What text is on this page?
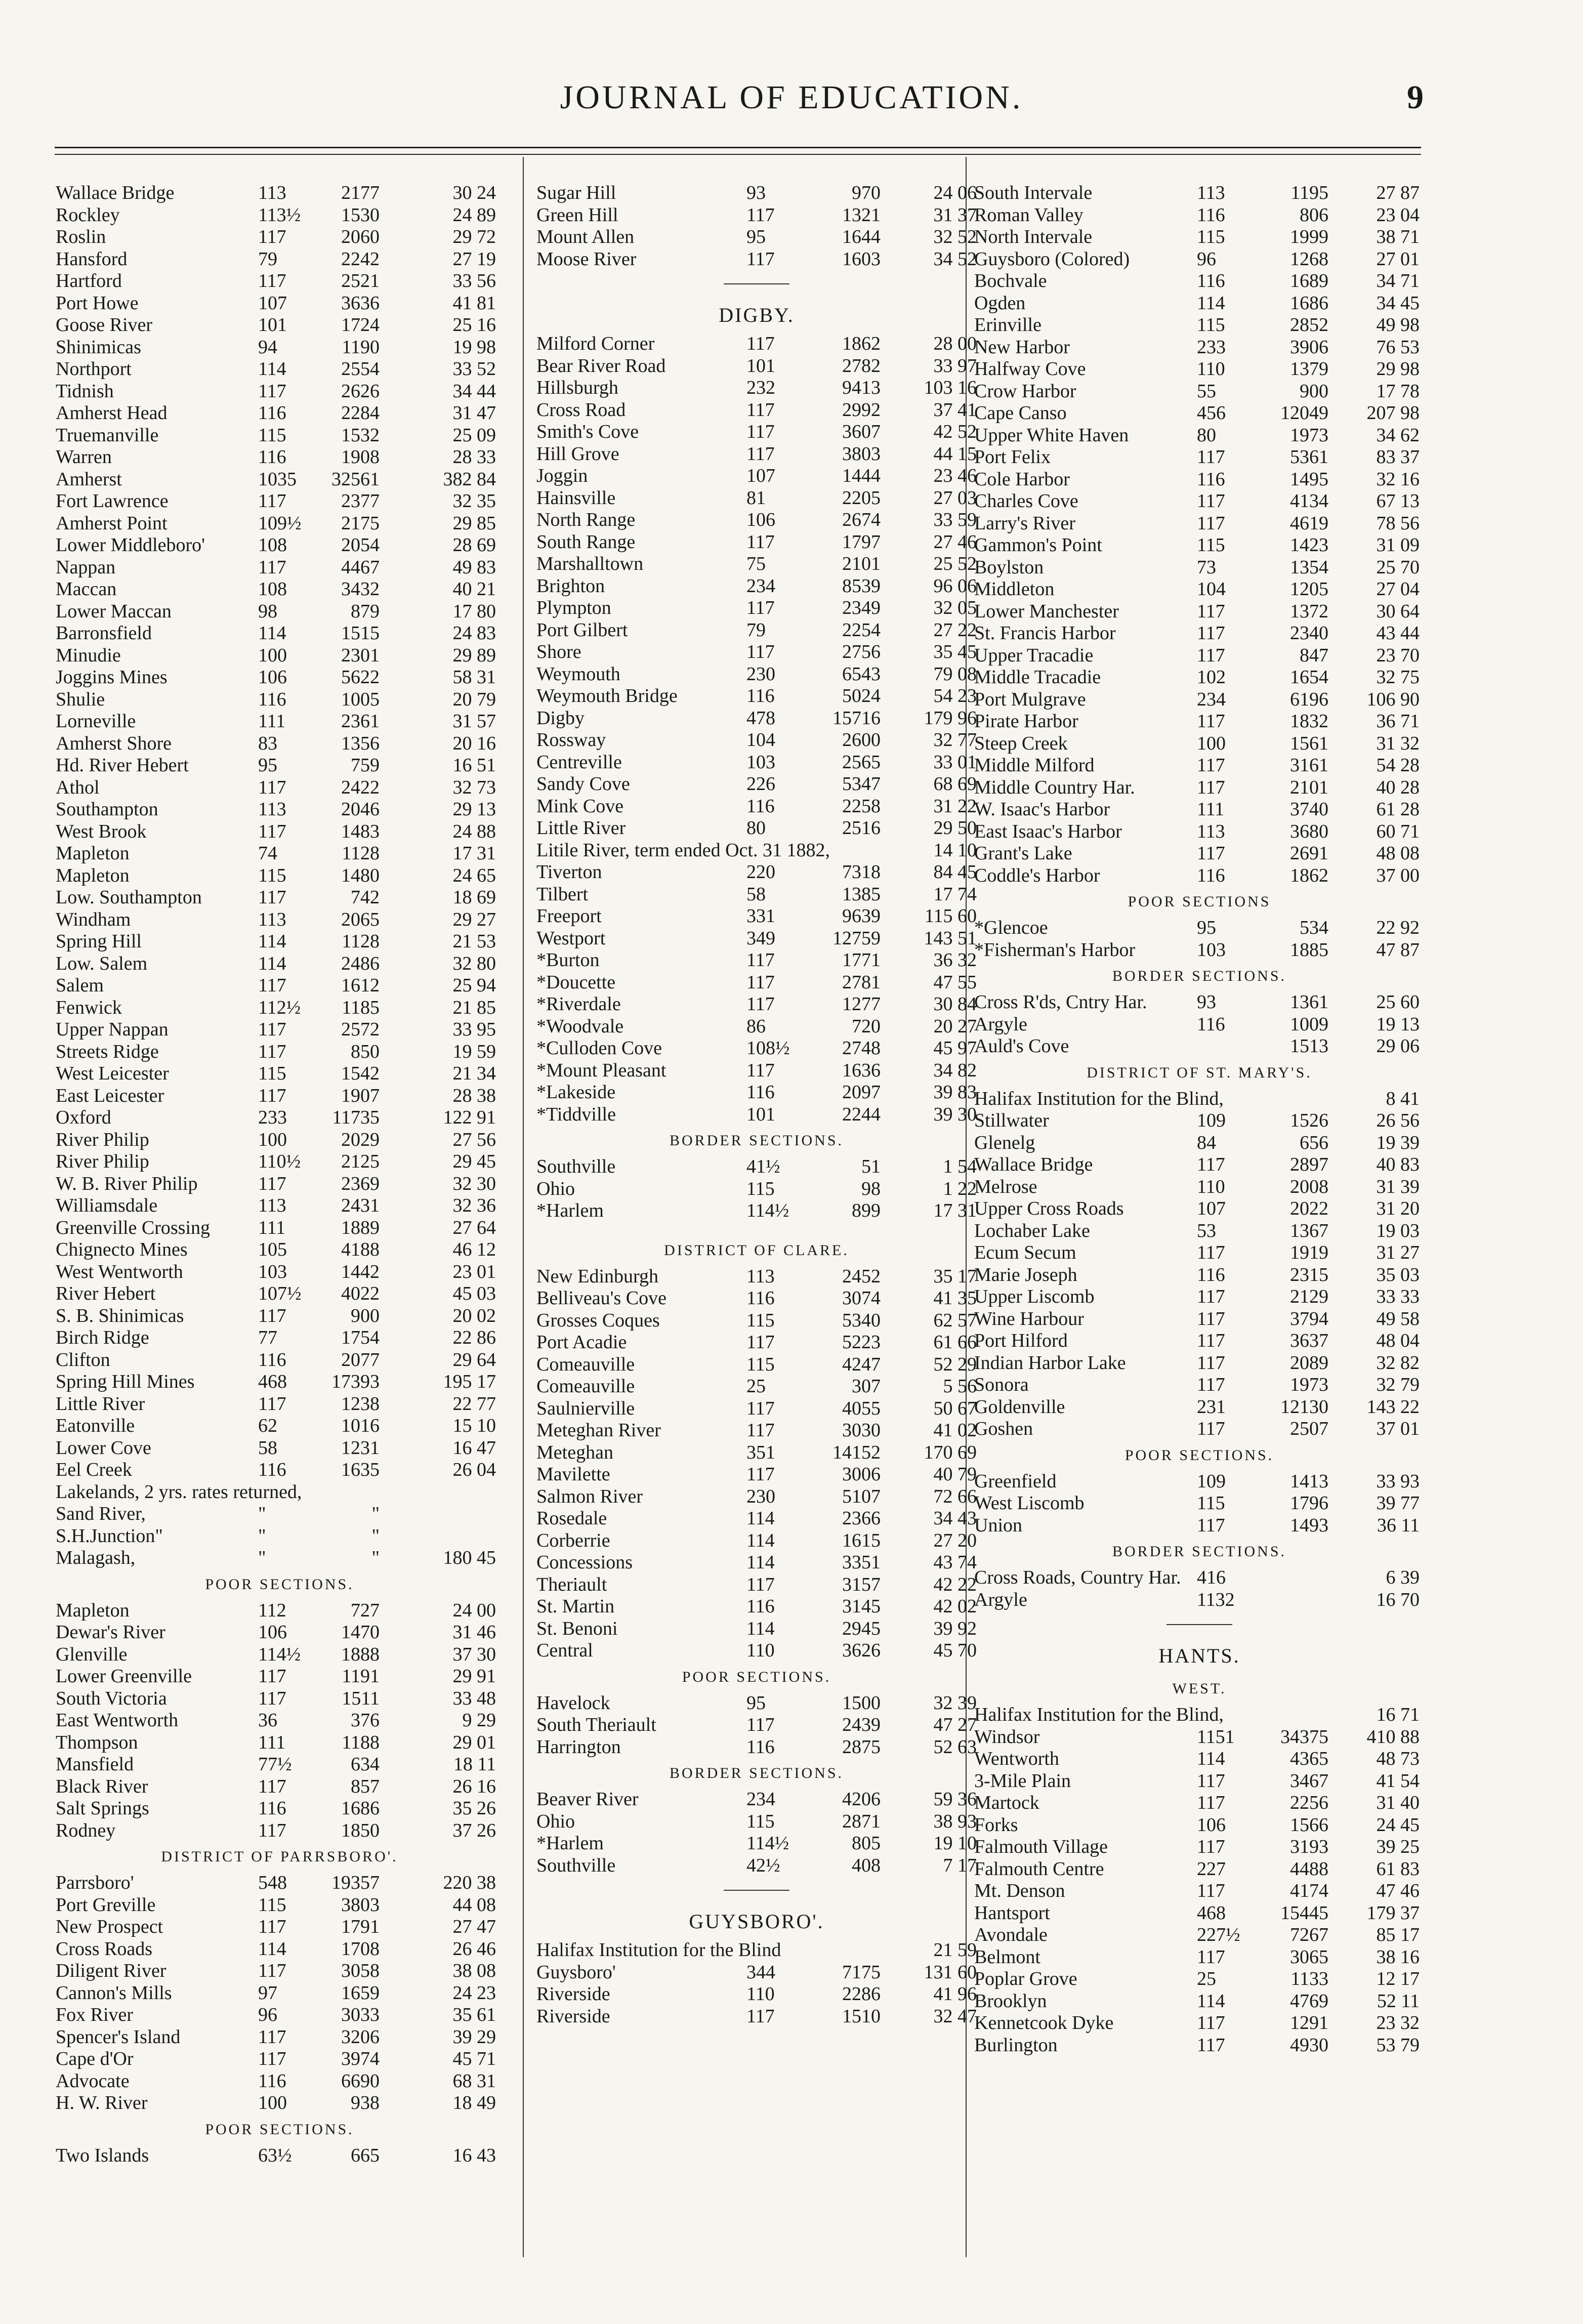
JOURNAL OF EDUCATION.	9
Wallace Bridge	113	2177	30 24
Rockley	113½	1530	24 89
Roslin	117	2060	29 72
Hansford	79	2242	27 19
Hartford	117	2521	33 56
Port Howe	107	3636	41 81
Goose River	101	1724	25 16
Shinimicas	94	1190	19 98
Northport	114	2554	33 52
Tidnish	117	2626	34 44
Amherst Head	116	2284	31 47
Truemanville	115	1532	25 09
Warren	116	1908	28 33
Amherst	1035	32561	382 84
Fort Lawrence	117	2377	32 35
Amherst Point	109½	2175	29 85
Lower Middleboro'	108	2054	28 69
Nappan	117	4467	49 83
Maccan	108	3432	40 21
Lower Maccan	98	879	17 80
Barronsfield	114	1515	24 83
Minudie	100	2301	29 89
Joggins Mines	106	5622	58 31
Shulie	116	1005	20 79
Lorneville	111	2361	31 57
Amherst Shore	83	1356	20 16
Hd. River Hebert	95	759	16 51
Athol	117	2422	32 73
Southampton	113	2046	29 13
West Brook	117	1483	24 88
Mapleton	74	1128	17 31
Mapleton	115	1480	24 65
Low. Southampton	117	742	18 69
Windham	113	2065	29 27
Spring Hill	114	1128	21 53
Low. Salem	114	2486	32 80
Salem	117	1612	25 94
Fenwick	112½	1185	21 85
Upper Nappan	117	2572	33 95
Streets Ridge	117	850	19 59
West Leicester	115	1542	21 34
East Leicester	117	1907	28 38
Oxford	233	11735	122 91
River Philip	100	2029	27 56
River Philip	110½	2125	29 45
W. B. River Philip	117	2369	32 30
Williamsdale	113	2431	32 36
Greenville Crossing 111	1889	27 64
Chignecto Mines	105	4188	46 12
West Wentworth	103	1442	23 01
River Hebert	107½	4022	45 03
S. B. Shinimicas	117	900	20 02
Birch Ridge	77	1754	22 86
Clifton	116	2077	29 64
Spring Hill Mines	468	17393	195 17
Little River	117	1238	22 77
Eatonville	62	1016	15 10
Lower Cove	58	1231	16 47
Eel Creek	116	1635	26 04
Lakelands, 2 yrs. rates returned,
Sand River,	"	"
S.H.Junction"	"	"
Malagash,	"	"	180 45
POOR SECTIONS.
Mapleton	112	727	24 00
Dewar's River	106	1470	31 46
Glenville	114½	1888	37 30
Lower Greenville	117	1191	29 91
South Victoria	117	1511	33 48
East Wentworth	36	376	9 29
Thompson	111	1188	29 01
Mansfield	77½	634	18 11
Black River	117	857	26 16
Salt Springs	116	1686	35 26
Rodney	117	1850	37 26
DISTRICT OF PARRSBORO'.
Parrsboro'	548	19357	220 38
Port Greville	115	3803	44 08
New Prospect	117	1791	27 47
Cross Roads	114	1708	26 46
Diligent River	117	3058	38 08
Cannon's Mills	97	1659	24 23
Fox River	96	3033	35 61
Spencer's Island	117	3206	39 29
Cape d'Or	117	3974	45 71
Advocate	116	6690	68 31
H. W. River	100	938	18 49
POOR SECTIONS.
Two Islands	63½	665	16 43
Sugar Hill	93	970	24 06
Green Hill	117	1321	31 37
Mount Allen	95	1644	32 52
Moose River	117	1603	34 52
DIGBY.
Milford Corner	117	1862	28 00
Bear River Road	101	2782	33 97
Hillsburgh	232	9413	103 16
Cross Road	117	2992	37 41
Smith's Cove	117	3607	42 52
Hill Grove	117	3803	44 15
Joggin	107	1444	23 46
Hainsville	81	2205	27 03
North Range	106	2674	33 59
South Range	117	1797	27 46
Marshalltown	75	2101	25 52
Brighton	234	8539	96 06
Plympton	117	2349	32 05
Port Gilbert	79	2254	27 22
Shore	117	2756	35 45
Weymouth	230	6543	79 08
Weymouth Bridge	116	5024	54 23
Digby	478	15716	179 96
Rossway	104	2600	32 77
Centreville	103	2565	33 01
Sandy Cove	226	5347	68 69
Mink Cove	116	2258	31 22
Little River	80	2516	29 50
Litile River, term ended Oct. 31 1882,	14 10
Tiverton	220	7318	84 45
Tilbert	58	1385	17 74
Freeport	331	9639	115 60
Westport	349	12759	143 51
*Burton	117	1771	36 32
*Doucette	117	2781	47 55
*Riverdale	117	1277	30 84
*Woodvale	86	720	20 27
*Culloden Cove	108½	2748	45 97
*Mount Pleasant	117	1636	34 82
*Lakeside	116	2097	39 83
*Tiddville	101	2244	39 30
BORDER SECTIONS.
Southville	41½	51	1 54
Ohio	115	98	1 22
*Harlem	114½	899	17 31
DISTRICT OF CLARE.
New Edinburgh	113	2452	35 17
Belliveau's Cove	116	3074	41 35
Grosses Coques	115	5340	62 57
Port Acadie	117	5223	61 66
Comeauville	115	4247	52 29
Comeauville	25	307	5 56
Saulnierville	117	4055	50 67
Meteghan River	117	3030	41 02
Meteghan	351	14152	170 69
Mavilette	117	3006	40 79
Salmon River	230	5107	72 66
Rosedale	114	2366	34 43
Corberrie	114	1615	27 20
Concessions	114	3351	43 74
Theriault	117	3157	42 22
St. Martin	116	3145	42 02
St. Benoni	114	2945	39 92
Central	110	3626	45 70
POOR SECTIONS.
Havelock	95	1500	32 39
South Theriault	117	2439	47 27
Harrington	116	2875	52 63
BORDER SECTIONS.
Beaver River	234	4206	59 36
Ohio	115	2871	38 93
*Harlem	114½	805	19 10
Southville	42½	408	7 17
GUYSBORO'.
Halifax Institution for the Blind	21 59
Guysboro'	344	7175	131 60
Riverside	110	2286	41 96
Riverside	117	1510	32 47
South Intervale	113	1195	27 87
Roman Valley	116	806	23 04
North Intervale	115	1999	38 71
Guysboro (Colored)	96	1268	27 01
Bochvale	116	1689	34 71
Ogden	114	1686	34 45
Erinville	115	2852	49 98
New Harbor	233	3906	76 53
Halfway Cove	110	1379	29 98
Crow Harbor	55	900	17 78
Cape Canso	456	12049	207 98
Upper White Haven	80	1973	34 62
Port Felix	117	5361	83 37
Cole Harbor	116	1495	32 16
Charles Cove	117	4134	67 13
Larry's River	117	4619	78 56
Gammon's Point	115	1423	31 09
Boylston	73	1354	25 70
Middleton	104	1205	27 04
Lower Manchester	117	1372	30 64
St. Francis Harbor	117	2340	43 44
Upper Tracadie	117	847	23 70
Middle Tracadie	102	1654	32 75
Port Mulgrave	234	6196	106 90
Pirate Harbor	117	1832	36 71
Steep Creek	100	1561	31 32
Middle Milford	117	3161	54 28
Middle Country Har.	117	2101	40 28
W. Isaac's Harbor	111	3740	61 28
East Isaac's Harbor	113	3680	60 71
Grant's Lake	117	2691	48 08
Coddle's Harbor	116	1862	37 00
POOR SECTIONS
*Glencoe	95	534	22 92
*Fisherman's Harbor	103	1885	47 87
BORDER SECTIONS.
Cross R'ds, Cntry Har.	93	1361	25 60
Argyle	116	1009	19 13
Auld's Cove	1513	29 06
DISTRICT OF ST. MARY'S.
Halifax Institution for the Blind,	8 41
Stillwater	109	1526	26 56
Glenelg	84	656	19 39
Wallace Bridge	117	2897	40 83
Melrose	110	2008	31 39
Upper Cross Roads	107	2022	31 20
Lochaber Lake	53	1367	19 03
Ecum Secum	117	1919	31 27
Marie Joseph	116	2315	35 03
Upper Liscomb	117	2129	33 33
Wine Harbour	117	3794	49 58
Port Hilford	117	3637	48 04
Indian Harbor Lake	117	2089	32 82
Sonora	117	1973	32 79
Goldenville	231	12130	143 22
Goshen	117	2507	37 01
POOR SECTIONS.
Greenfield	109	1413	33 93
West Liscomb	115	1796	39 77
Union	117	1493	36 11
BORDER SECTIONS.
Cross Roads, Country Har. 416	6 39
Argyle	1132	16 70
HANTS.
WEST.
Halifax Institution for the Blind,	16 71
Windsor	1151	34375	410 88
Wentworth	114	4365	48 73
3-Mile Plain	117	3467	41 54
Martock	117	2256	31 40
Forks	106	1566	24 45
Falmouth Village	117	3193	39 25
Falmouth Centre	227	4488	61 83
Mt. Denson	117	4174	47 46
Hantsport	468	15445	179 37
Avondale	227½	7267	85 17
Belmont	117	3065	38 16
Poplar Grove	25	1133	12 17
Brooklyn	114	4769	52 11
Kennetcook Dyke	117	1291	23 32
Burlington	117	4930	53 79
